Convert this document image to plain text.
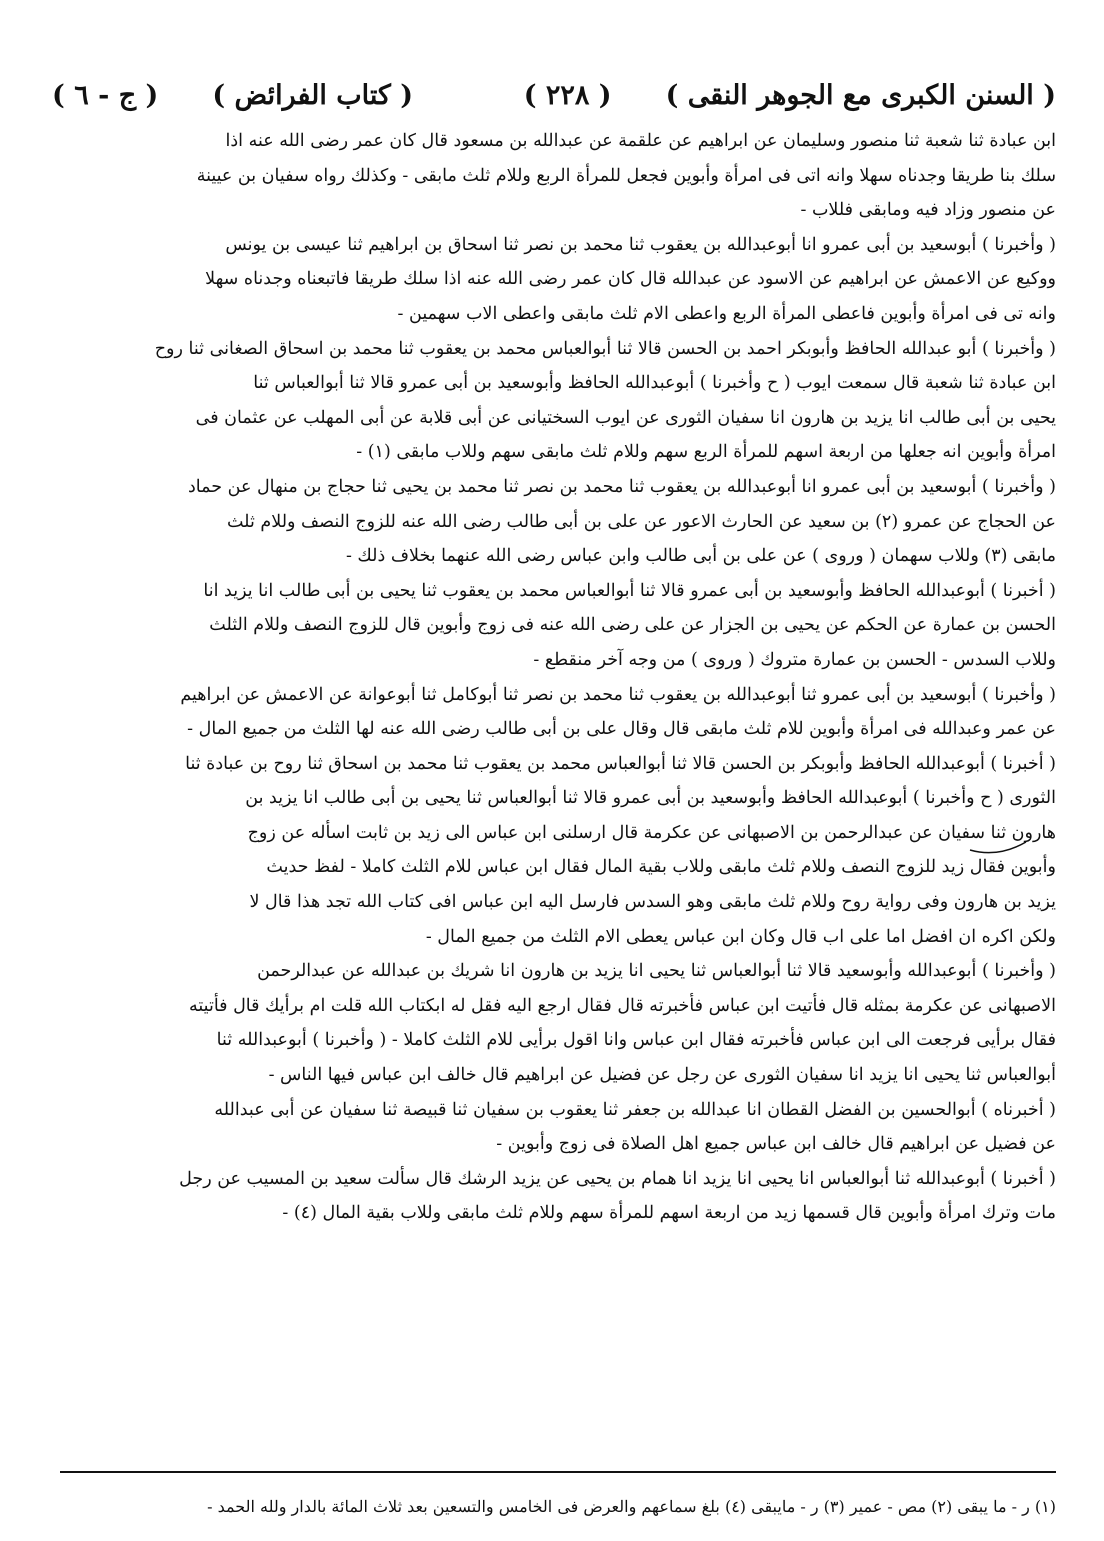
( السنن الكبرى مع الجوهر النقى )
( ٢٢٨ )
( كتاب الفرائض )
( ج - ٦ )

ابن عبادة ثنا شعبة ثنا منصور وسليمان عن ابراهيم عن علقمة عن عبدالله بن مسعود قال كان عمر رضى الله عنه اذا

سلك بنا طريقا وجدناه سهلا وانه اتى فى امرأة وأبوين فجعل للمرأة الربع وللام ثلث مابقى - وكذلك رواه سفيان بن عيينة

عن منصور وزاد فيه ومابقى فللاب -

( وأخبرنا ) أبوسعيد بن أبى عمرو انا أبوعبدالله بن يعقوب ثنا محمد بن نصر ثنا اسحاق بن ابراهيم ثنا عيسى بن يونس

ووكيع عن الاعمش عن ابراهيم عن الاسود عن عبدالله قال كان عمر رضى الله عنه اذا سلك طريقا فاتبعناه وجدناه سهلا

وانه تى فى امرأة وأبوين فاعطى المرأة الربع واعطى الام ثلث مابقى واعطى الاب سهمين -

( وأخبرنا ) أبو عبدالله الحافظ وأبوبكر احمد بن الحسن قالا ثنا أبوالعباس محمد بن يعقوب ثنا محمد بن اسحاق الصغانى ثنا روح

ابن عبادة ثنا شعبة قال سمعت ايوب ( ح وأخبرنا ) أبوعبدالله الحافظ وأبوسعيد بن أبى عمرو قالا ثنا أبوالعباس ثنا

يحيى بن أبى طالب انا يزيد بن هارون انا سفيان الثورى عن ايوب السختيانى عن أبى قلابة عن أبى المهلب عن عثمان فى

امرأة وأبوين انه جعلها من اربعة اسهم للمرأة الربع سهم وللام ثلث مابقى سهم وللاب مابقى (١) -

( وأخبرنا ) أبوسعيد بن أبى عمرو انا أبوعبدالله بن يعقوب ثنا محمد بن نصر ثنا محمد بن يحيى ثنا حجاج بن منهال عن حماد

عن الحجاج عن عمرو (٢) بن سعيد عن الحارث الاعور عن على بن أبى طالب رضى الله عنه للزوج النصف وللام ثلث

مابقى (٣) وللاب سهمان ( وروى ) عن على بن أبى طالب وابن عباس رضى الله عنهما بخلاف ذلك -

( أخبرنا ) أبوعبدالله الحافظ وأبوسعيد بن أبى عمرو قالا ثنا أبوالعباس محمد بن يعقوب ثنا يحيى بن أبى طالب انا يزيد انا

الحسن بن عمارة عن الحكم عن يحيى بن الجزار عن على رضى الله عنه فى زوج وأبوين قال للزوج النصف وللام الثلث

وللاب السدس - الحسن بن عمارة متروك ( وروى ) من وجه آخر منقطع -

( وأخبرنا ) أبوسعيد بن أبى عمرو ثنا أبوعبدالله بن يعقوب ثنا محمد بن نصر ثنا أبوكامل ثنا أبوعوانة عن الاعمش عن ابراهيم

عن عمر وعبدالله فى امرأة وأبوين للام ثلث مابقى قال وقال على بن أبى طالب رضى الله عنه لها الثلث من جميع المال -

( أخبرنا ) أبوعبدالله الحافظ وأبوبكر بن الحسن قالا ثنا أبوالعباس محمد بن يعقوب ثنا محمد بن اسحاق ثنا روح بن عبادة ثنا

الثورى ( ح وأخبرنا ) أبوعبدالله الحافظ وأبوسعيد بن أبى عمرو قالا ثنا أبوالعباس ثنا يحيى بن أبى طالب انا يزيد بن

هارون ثنا سفيان عن عبدالرحمن بن الاصبهانى عن عكرمة قال ارسلنى ابن عباس الى زيد بن ثابت اسأله عن زوج

وأبوين فقال زيد للزوج النصف وللام ثلث مابقى وللاب بقية المال فقال ابن عباس للام الثلث كاملا - لفظ حديث

يزيد بن هارون وفى رواية روح وللام ثلث مابقى وهو السدس فارسل اليه ابن عباس افى كتاب الله تجد هذا قال لا

ولكن اكره ان افضل اما على اب قال وكان ابن عباس يعطى الام الثلث من جميع المال -

( وأخبرنا ) أبوعبدالله وأبوسعيد قالا ثنا أبوالعباس ثنا يحيى انا يزيد بن هارون انا شريك بن عبدالله عن عبدالرحمن

الاصبهانى عن عكرمة بمثله قال فأتيت ابن عباس فأخبرته قال فقال ارجع اليه فقل له ابكتاب الله قلت ام برأيك قال فأتيته

فقال برأيى فرجعت الى ابن عباس فأخبرته فقال ابن عباس وانا اقول برأيى للام الثلث كاملا - ( وأخبرنا ) أبوعبدالله ثنا

أبوالعباس ثنا يحيى انا يزيد انا سفيان الثورى عن رجل عن فضيل عن ابراهيم قال خالف ابن عباس فيها الناس -

( أخبرناه ) أبوالحسين بن الفضل القطان انا عبدالله بن جعفر ثنا يعقوب بن سفيان ثنا قبيصة ثنا سفيان عن أبى عبدالله

عن فضيل عن ابراهيم قال خالف ابن عباس جميع اهل الصلاة فى زوج وأبوين -

( أخبرنا ) أبوعبدالله ثنا أبوالعباس انا يحيى انا يزيد انا همام بن يحيى عن يزيد الرشك قال سألت سعيد بن المسيب عن رجل

مات وترك امرأة وأبوين قال قسمها زيد من اربعة اسهم للمرأة سهم وللام ثلث مابقى وللاب بقية المال (٤) -

(١) ر - ما يبقى (٢) مص - عمير (٣) ر - مايبقى (٤) بلغ سماعهم والعرض فى الخامس والتسعين بعد ثلاث المائة بالدار ولله الحمد -
